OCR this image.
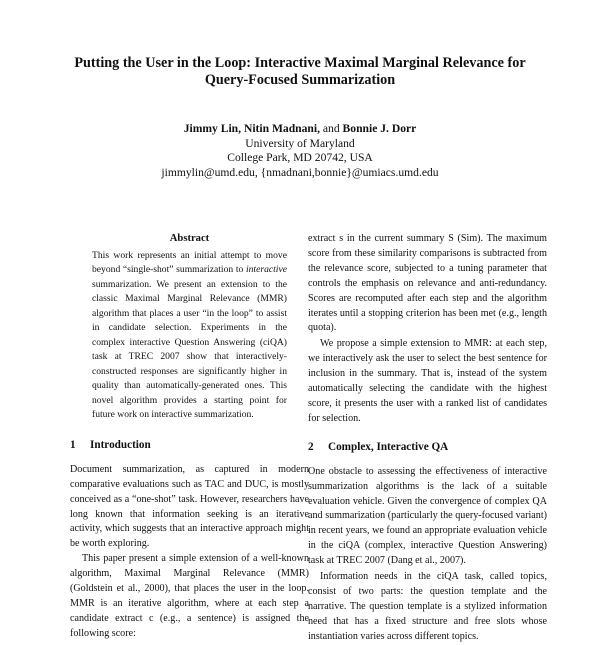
Putting the User in the Loop: Interactive Maximal Marginal Relevance for
Query-Focused Summarization
Jimmy Lin, Nitin Madnani, and Bonnie J. Dorr
University of Maryland
College Park, MD 20742, USA
jimmylin@umd.edu, {nmadnani,bonnie}@umiacs.umd.edu
Abstract

This work represents an initial attempt to move beyond “single-shot” summarization to interactive summarization. We present an extension to the classic Maximal Marginal Relevance (MMR) algorithm that places a user “in the loop” to assist in candidate selection. Experiments in the complex interactive Question Answering (ciQA) task at TREC 2007 show that interactively-constructed responses are significantly higher in quality than automatically-generated ones. This novel algorithm provides a starting point for future work on interactive summarization.

1 Introduction

Document summarization, as captured in modern comparative evaluations such as TAC and DUC, is mostly conceived as a “one-shot” task. However, researchers have long known that information seeking is an iterative activity, which suggests that an interactive approach might be worth exploring.

This paper present a simple extension of a well-known algorithm, Maximal Marginal Relevance (MMR) (Goldstein et al., 2000), that places the user in the loop. MMR is an iterative algorithm, where at each step a candidate extract c (e.g., a sentence) is assigned the following score:

extract s in the current summary S (Sim). The maximum score from these similarity comparisons is subtracted from the relevance score, subjected to a tuning parameter that controls the emphasis on relevance and anti-redundancy. Scores are recomputed after each step and the algorithm iterates until a stopping criterion has been met (e.g., length quota).

We propose a simple extension to MMR: at each step, we interactively ask the user to select the best sentence for inclusion in the summary. That is, instead of the system automatically selecting the candidate with the highest score, it presents the user with a ranked list of candidates for selection.

2 Complex, Interactive QA

One obstacle to assessing the effectiveness of interactive summarization algorithms is the lack of a suitable evaluation vehicle. Given the convergence of complex QA and summarization (particularly the query-focused variant) in recent years, we found an appropriate evaluation vehicle in the ciQA (complex, interactive Question Answering) task at TREC 2007 (Dang et al., 2007).

Information needs in the ciQA task, called topics, consist of two parts: the question template and the narrative. The question template is a stylized information need that has a fixed structure and free slots whose instantiation varies across different topics.
